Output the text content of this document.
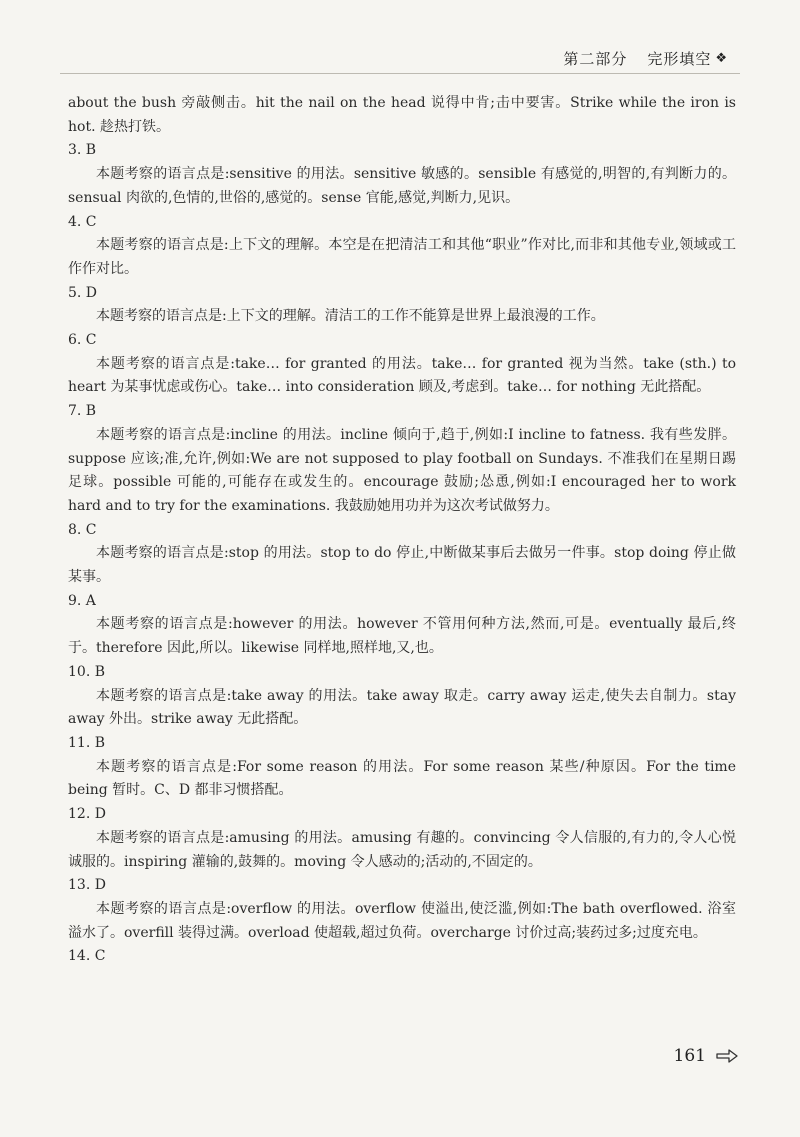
第二部分 完形填空 ❖

about the bush 旁敲侧击。hit the nail on the head 说得中肯;击中要害。Strike while the iron is hot. 趁热打铁。

3. B

本题考察的语言点是:sensitive 的用法。sensitive 敏感的。sensible 有感觉的,明智的,有判断力的。sensual 肉欲的,色情的,世俗的,感觉的。sense 官能,感觉,判断力,见识。

4. C

本题考察的语言点是:上下文的理解。本空是在把清洁工和其他“职业”作对比,而非和其他专业,领域或工作作对比。

5. D

本题考察的语言点是:上下文的理解。清洁工的工作不能算是世界上最浪漫的工作。

6. C

本题考察的语言点是:take… for granted 的用法。take… for granted 视为当然。take (sth.) to heart 为某事忧虑或伤心。take… into consideration 顾及,考虑到。take… for nothing 无此搭配。

7. B

本题考察的语言点是:incline 的用法。incline 倾向于,趋于,例如:I incline to fatness. 我有些发胖。suppose 应该;准,允许,例如:We are not supposed to play football on Sundays. 不准我们在星期日踢足球。possible 可能的,可能存在或发生的。encourage 鼓励;怂恿,例如:I encouraged her to work hard and to try for the examinations. 我鼓励她用功并为这次考试做努力。

8. C

本题考察的语言点是:stop 的用法。stop to do 停止,中断做某事后去做另一件事。stop doing 停止做某事。

9. A

本题考察的语言点是:however 的用法。however 不管用何种方法,然而,可是。eventually 最后,终于。therefore 因此,所以。likewise 同样地,照样地,又,也。

10. B

本题考察的语言点是:take away 的用法。take away 取走。carry away 运走,使失去自制力。stay away 外出。strike away 无此搭配。

11. B

本题考察的语言点是:For some reason 的用法。For some reason 某些/种原因。For the time being 暂时。C、D 都非习惯搭配。

12. D

本题考察的语言点是:amusing 的用法。amusing 有趣的。convincing 令人信服的,有力的,令人心悦诚服的。inspiring 灌输的,鼓舞的。moving 令人感动的;活动的,不固定的。

13. D

本题考察的语言点是:overflow 的用法。overflow 使溢出,使泛滥,例如:The bath overflowed. 浴室溢水了。overfill 装得过满。overload 使超载,超过负荷。overcharge 讨价过高;装药过多;过度充电。

14. C

161
